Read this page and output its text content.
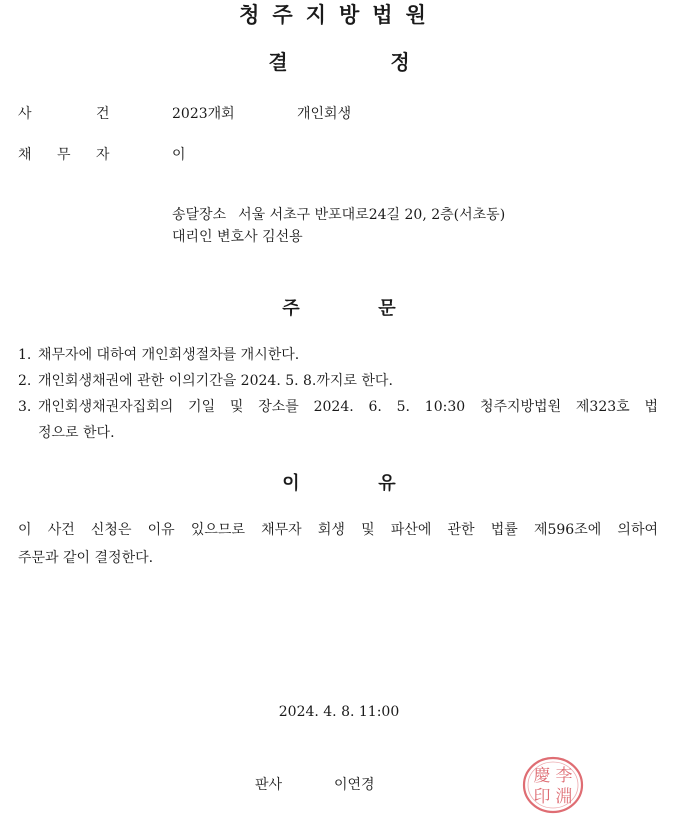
청주지방법원
결	정
사	건	2023개회	개인회생
채 무 자	이
송달장소 서울 서초구 반포대로24길 20, 2층(서초동)
대리인 변호사 김선용
주	문
1. 채무자에 대하여 개인회생절차를 개시한다.
2. 개인회생채권에 관한 이의기간을 2024. 5. 8.까지로 한다.
3. 개인회생채권자집회의 기일 및 장소를 2024. 6. 5. 10:30 청주지방법원 제323호 법
정으로 한다.
이	유
이 사건 신청은 이유 있으므로 채무자 회생 및 파산에 관한 법률 제596조에 의하여
주문과 같이 결정한다.
2024. 4. 8. 11:00
판사	이연경	李
淵
慶
印
